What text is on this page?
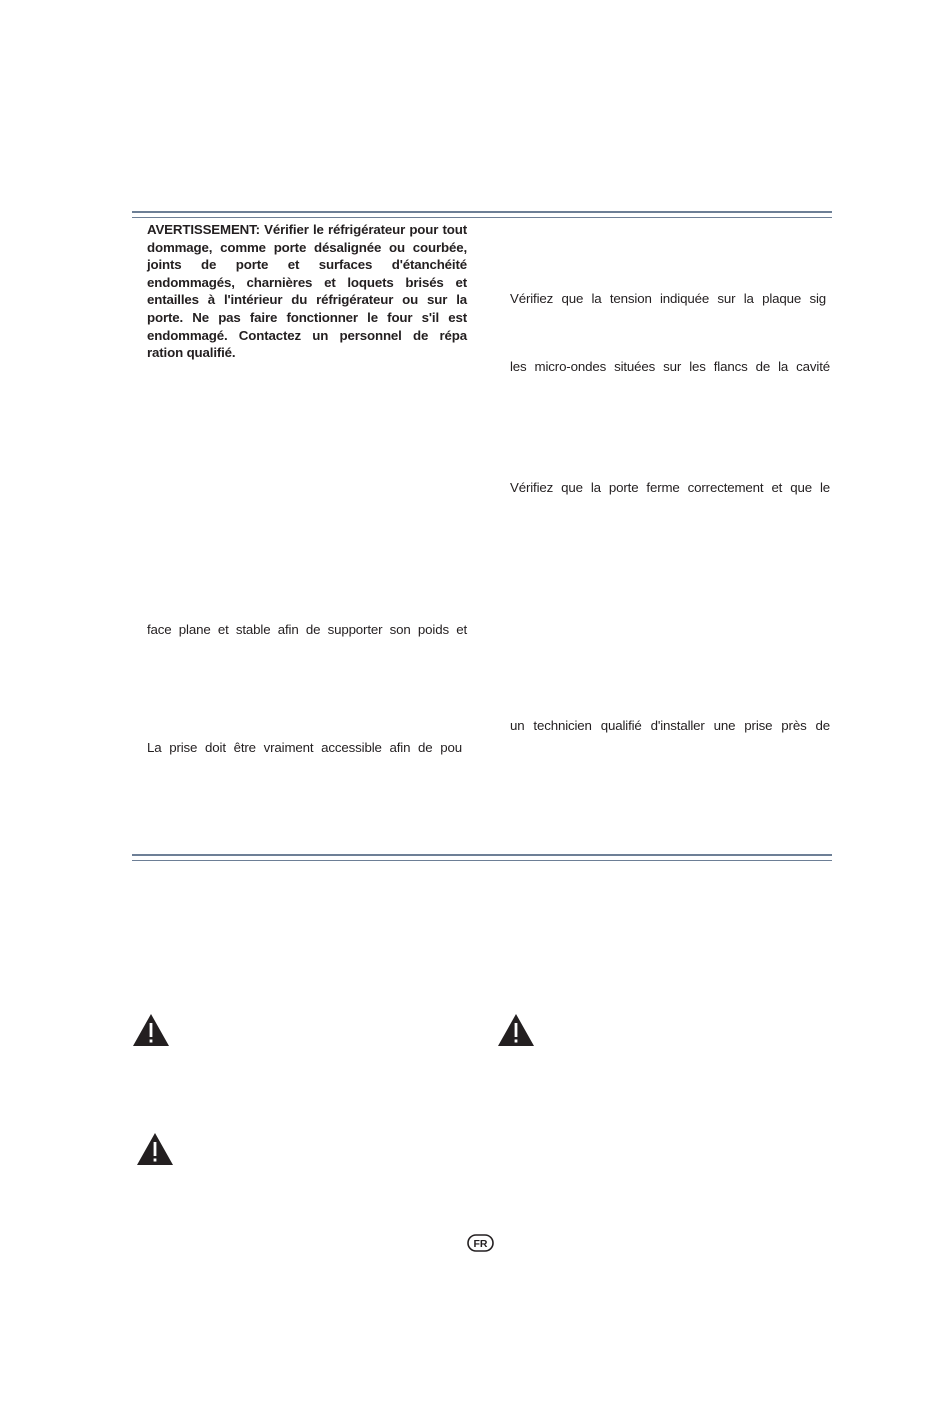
AVERTISSEMENT: Vérifier le réfrigérateur pour tout dommage, comme porte désalignée ou courbée, joints de porte et surfaces d'étanchéité endommagés, charnières et loquets brisés et entailles à l'intérieur du réfrigérateur ou sur la porte. Ne pas faire fonctionner le four s'il est endommagé. Contactez un personnel de répa ration qualifié.
Vérifiez que la tension indiquée sur la plaque sig
les micro-ondes situées sur les flancs de la cavité
Vérifiez que la porte ferme correctement et que le
face plane et stable afin de supporter son poids et
un technicien qualifié d'installer une prise près de
La prise doit être vraiment accessible afin de pou
FR
